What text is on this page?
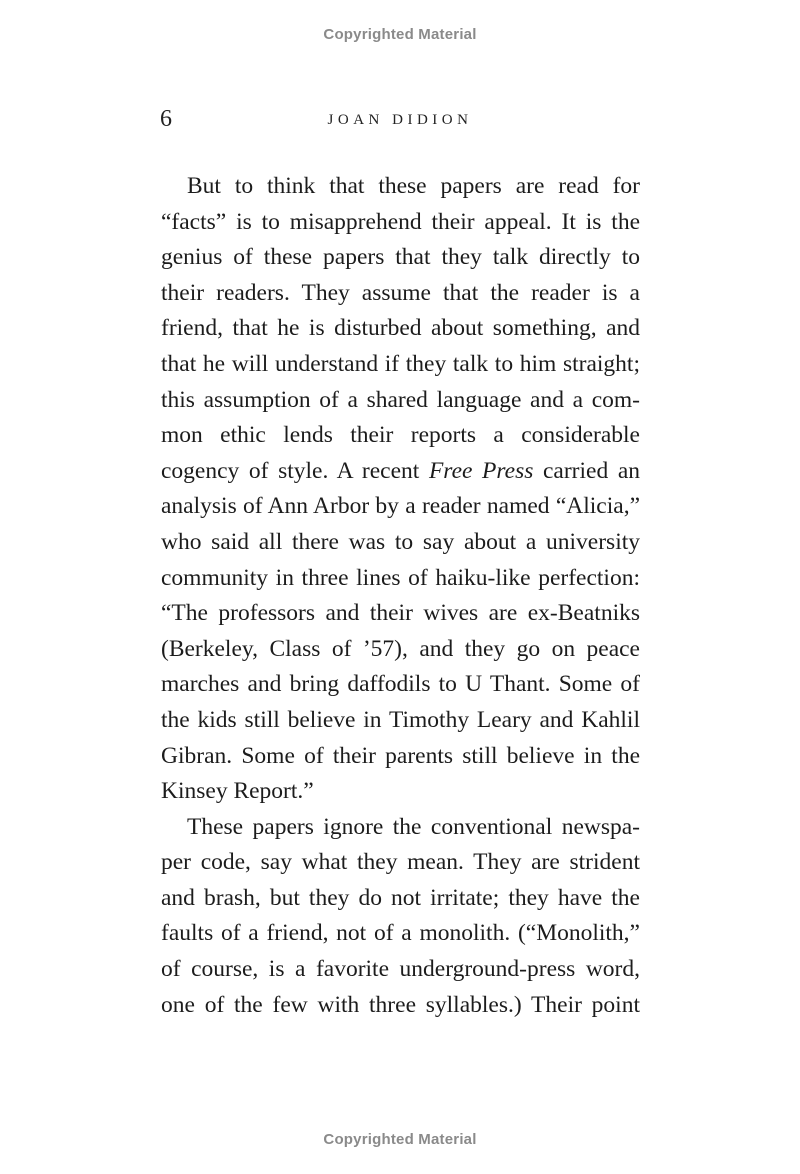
Copyrighted Material
6	JOAN DIDION
But to think that these papers are read for
“facts” is to misapprehend their appeal. It is the
genius of these papers that they talk directly to
their readers. They assume that the reader is a
friend, that he is disturbed about something, and
that he will understand if they talk to him straight;
this assumption of a shared language and a com-
mon ethic lends their reports a considerable
cogency of style. A recent Free Press carried an
analysis of Ann Arbor by a reader named “Alicia,”
who said all there was to say about a university
community in three lines of haiku-like perfection:
“The professors and their wives are ex-Beatniks
(Berkeley, Class of ’57), and they go on peace
marches and bring daffodils to U Thant. Some of
the kids still believe in Timothy Leary and Kahlil
Gibran. Some of their parents still believe in the
Kinsey Report.”
These papers ignore the conventional newspa-
per code, say what they mean. They are strident
and brash, but they do not irritate; they have the
faults of a friend, not of a monolith. (“Monolith,”
of course, is a favorite underground-press word,
one of the few with three syllables.) Their point
Copyrighted Material
